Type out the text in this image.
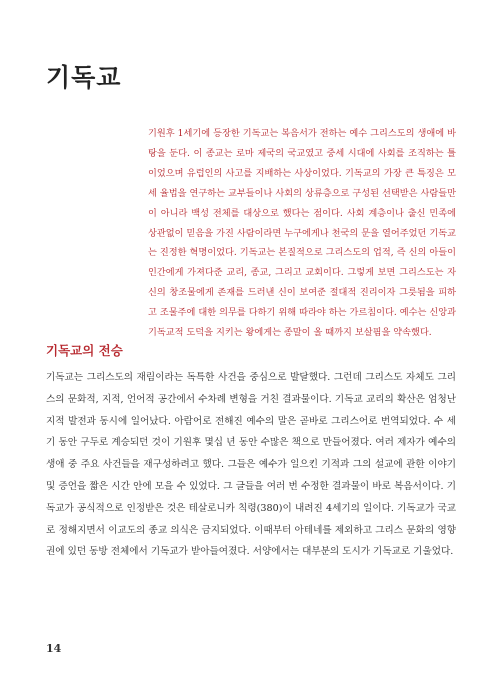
기독교

기원후 1세기에 등장한 기독교는 복음서가 전하는 예수 그리스도의 생애에 바탕을 둔다. 이 종교는 로마 제국의 국교였고 중세 시대에 사회를 조직하는 틀이었으며 유럽인의 사고를 지배하는 사상이었다. 기독교의 가장 큰 특징은 모세 율법을 연구하는 교부들이나 사회의 상류층으로 구성된 선택받은 사람들만이 아니라 백성 전체를 대상으로 했다는 점이다. 사회 계층이나 출신 민족에 상관없이 믿음을 가진 사람이라면 누구에게나 천국의 문을 열어주었던 기독교는 진정한 혁명이었다. 기독교는 본질적으로 그리스도의 업적, 즉 신의 아들이 인간에게 가져다준 교리, 종교, 그리고 교회이다. 그렇게 보면 그리스도는 자신의 창조물에게 존재를 드러낸 신이 보여준 절대적 진리이자 그릇됨을 피하고 조물주에 대한 의무를 다하기 위해 따라야 하는 가르침이다. 예수는 신앙과 기독교적 도덕을 지키는 왕에게는 종말이 올 때까지 보살핌을 약속했다.

기독교의 전승

기독교는 그리스도의 재림이라는 독특한 사건을 중심으로 발달했다. 그런데 그리스도 자체도 그리스의 문화적, 지적, 언어적 공간에서 수차례 변형을 거친 결과물이다. 기독교 교리의 확산은 엄청난 지적 발전과 동시에 일어났다. 아람어로 전해진 예수의 말은 곧바로 그리스어로 번역되었다. 수 세기 동안 구두로 계승되던 것이 기원후 몇십 년 동안 수많은 책으로 만들어졌다. 여러 제자가 예수의 생애 중 주요 사건들을 재구성하려고 했다. 그들은 예수가 일으킨 기적과 그의 설교에 관한 이야기 및 증언을 짧은 시간 안에 모을 수 있었다. 그 글들을 여러 번 수정한 결과물이 바로 복음서이다. 기독교가 공식적으로 인정받은 것은 테살로니카 칙령(380)이 내려진 4세기의 일이다. 기독교가 국교로 정해지면서 이교도의 종교 의식은 금지되었다. 이때부터 아테네를 제외하고 그리스 문화의 영향권에 있던 동방 전체에서 기독교가 받아들여졌다. 서양에서는 대부분의 도시가 기독교로 기울었다.

14
